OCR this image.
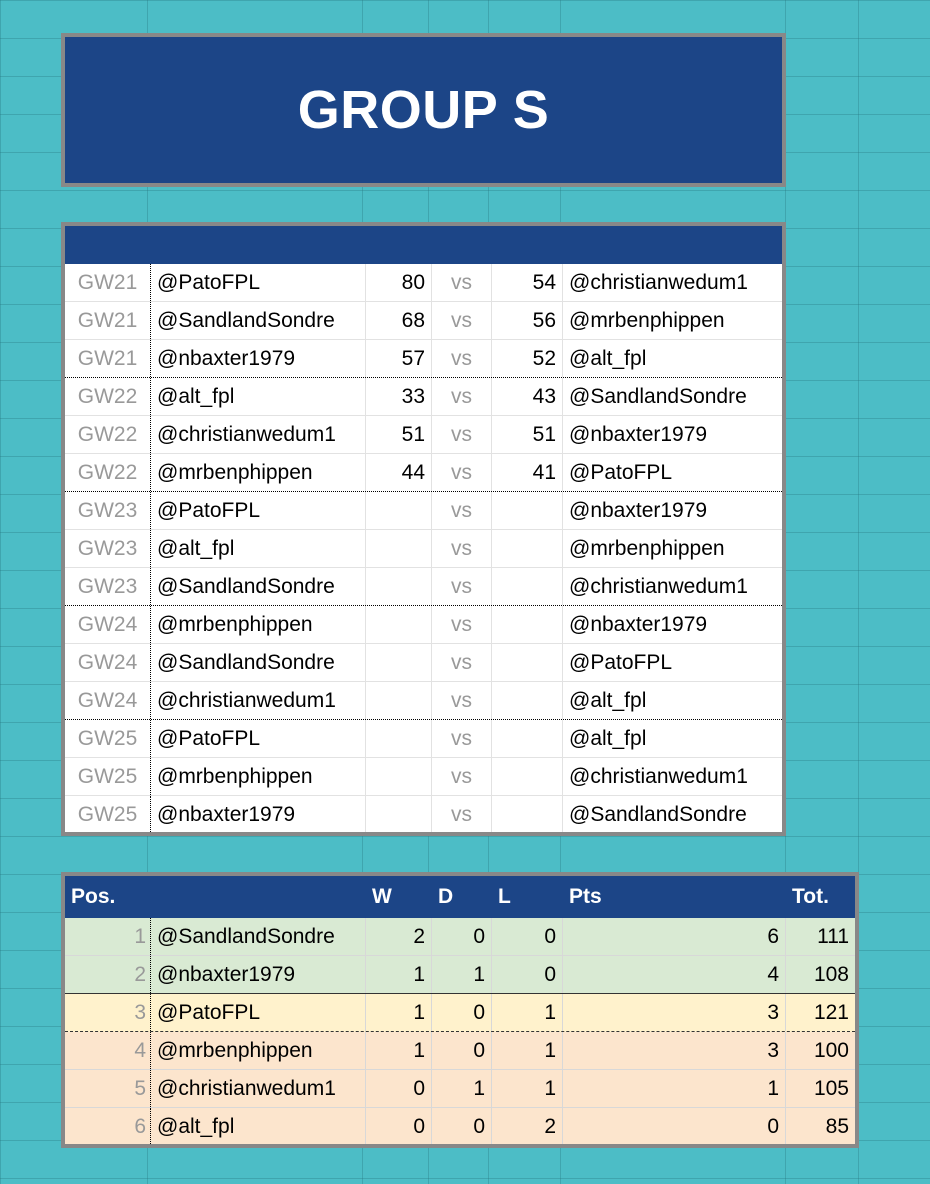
GROUP S
GW21 @PatoFPL	80	vs	54 @christianwedum1
GW21 @SandlandSondre	68	vs	56 @mrbenphippen
GW21 @nbaxter1979	57	vs	52 @alt_fpl
GW22 @alt_fpl	33	vs	43 @SandlandSondre
GW22 @christianwedum1	51	vs	51 @nbaxter1979
GW22 @mrbenphippen	44	vs	41 @PatoFPL
GW23 @PatoFPL	vs	@nbaxter1979
GW23 @alt_fpl	vs	@mrbenphippen
GW23 @SandlandSondre	vs	@christianwedum1
GW24 @mrbenphippen	vs	@nbaxter1979
GW24 @SandlandSondre	vs	@PatoFPL
GW24 @christianwedum1	vs	@alt_fpl
GW25 @PatoFPL	vs	@alt_fpl
GW25 @mrbenphippen	vs	@christianwedum1
GW25 @nbaxter1979	vs	@SandlandSondre
Pos.	W	D	L	Pts	Tot.
1 @SandlandSondre	2	0	0	6	111
2 @nbaxter1979	1	1	0	4	108
3 @PatoFPL	1	0	1	3	121
4 @mrbenphippen	1	0	1	3	100
5 @christianwedum1	0	1	1	1	105
6 @alt_fpl	0	0	2	0	85
